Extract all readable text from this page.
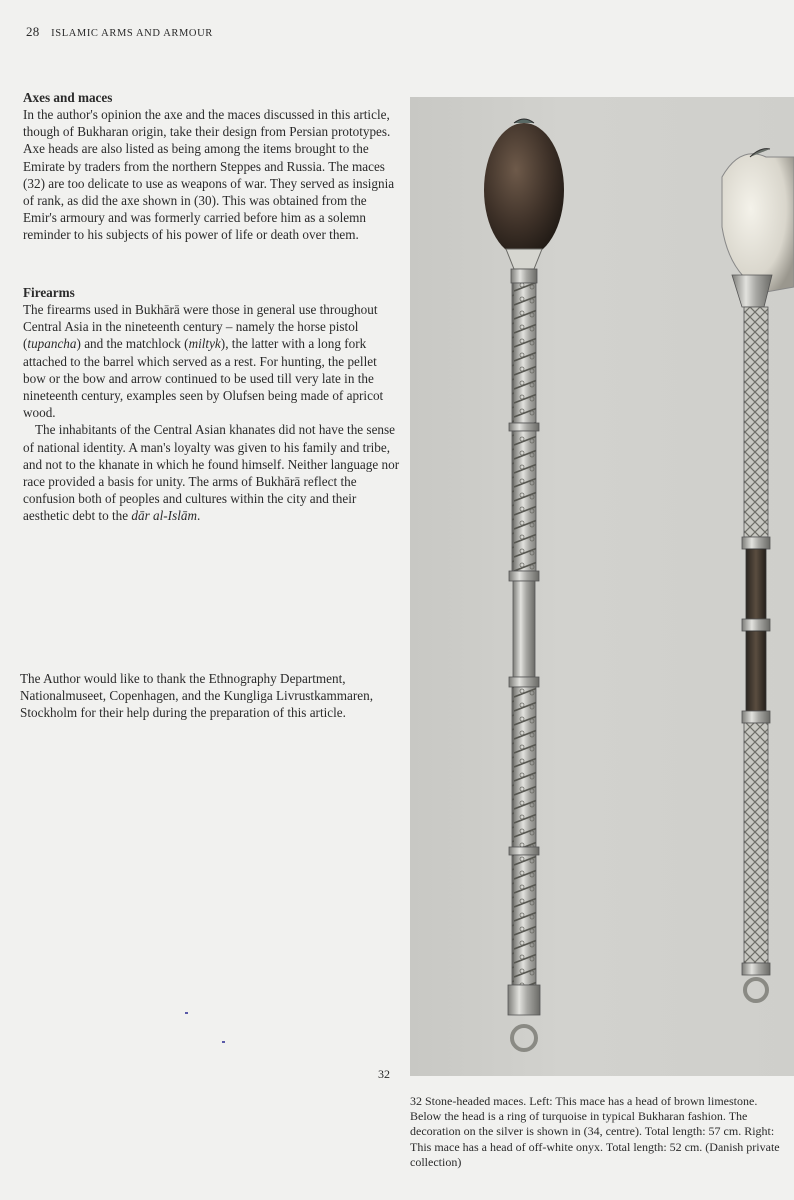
28 ISLAMIC ARMS AND ARMOUR
Axes and maces

In the author's opinion the axe and the maces discussed in this article, though of Bukharan origin, take their design from Persian prototypes. Axe heads are also listed as being among the items brought to the Emirate by traders from the northern Steppes and Russia. The maces (32) are too delicate to use as weapons of war. They served as insignia of rank, as did the axe shown in (30). This was obtained from the Emir's armoury and was formerly carried before him as a solemn reminder to his subjects of his power of life or death over them.

Firearms

The firearms used in Bukhārā were those in general use throughout Central Asia in the nineteenth century – namely the horse pistol (tupancha) and the matchlock (miltyk), the latter with a long fork attached to the barrel which served as a rest. For hunting, the pellet bow or the bow and arrow continued to be used till very late in the nineteenth century, examples seen by Olufsen being made of apricot wood.

The inhabitants of the Central Asian khanates did not have the sense of national identity. A man's loyalty was given to his family and tribe, and not to the khanate in which he found himself. Neither language nor race provided a basis for unity. The arms of Bukhārā reflect the confusion both of peoples and cultures within the city and their aesthetic debt to the dār al-Islām.

The Author would like to thank the Ethnography Department, Nationalmuseet, Copenhagen, and the Kungliga Livrustkammaren, Stockholm for their help during the preparation of this article.

32

32 Stone-headed maces. Left: This mace has a head of brown limestone. Below the head is a ring of turquoise in typical Bukharan fashion. The decoration on the silver is shown in (34, centre). Total length: 57 cm. Right: This mace has a head of off-white onyx. Total length: 52 cm. (Danish private collection)
